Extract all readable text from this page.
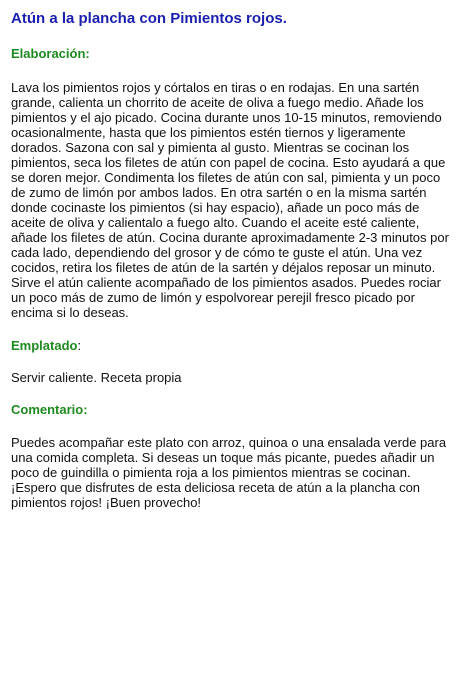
Atún a la plancha con Pimientos rojos.
Elaboración:

Lava los pimientos rojos y córtalos en tiras o en rodajas. En una sartén grande, calienta un chorrito de aceite de oliva a fuego medio. Añade los pimientos y el ajo picado. Cocina durante unos 10-15 minutos, removiendo ocasionalmente, hasta que los pimientos estén tiernos y ligeramente dorados. Sazona con sal y pimienta al gusto. Mientras se cocinan los pimientos, seca los filetes de atún con papel de cocina. Esto ayudará a que se doren mejor. Condimenta los filetes de atún con sal, pimienta y un poco de zumo de limón por ambos lados. En otra sartén o en la misma sartén donde cocinaste los pimientos (si hay espacio), añade un poco más de aceite de oliva y calientalo a fuego alto. Cuando el aceite esté caliente, añade los filetes de atún. Cocina durante aproximadamente 2-3 minutos por cada lado, dependiendo del grosor y de cómo te guste el atún. Una vez cocidos, retira los filetes de atún de la sartén y déjalos reposar un minuto. Sirve el atún caliente acompañado de los pimientos asados. Puedes rociar un poco más de zumo de limón y espolvorear perejil fresco picado por encima si lo deseas.

Emplatado:

Servir caliente. Receta propia

Comentario:

Puedes acompañar este plato con arroz, quinoa o una ensalada verde para una comida completa. Si deseas un toque más picante, puedes añadir un poco de guindilla o pimienta roja a los pimientos mientras se cocinan. ¡Espero que disfrutes de esta deliciosa receta de atún a la plancha con pimientos rojos! ¡Buen provecho!
